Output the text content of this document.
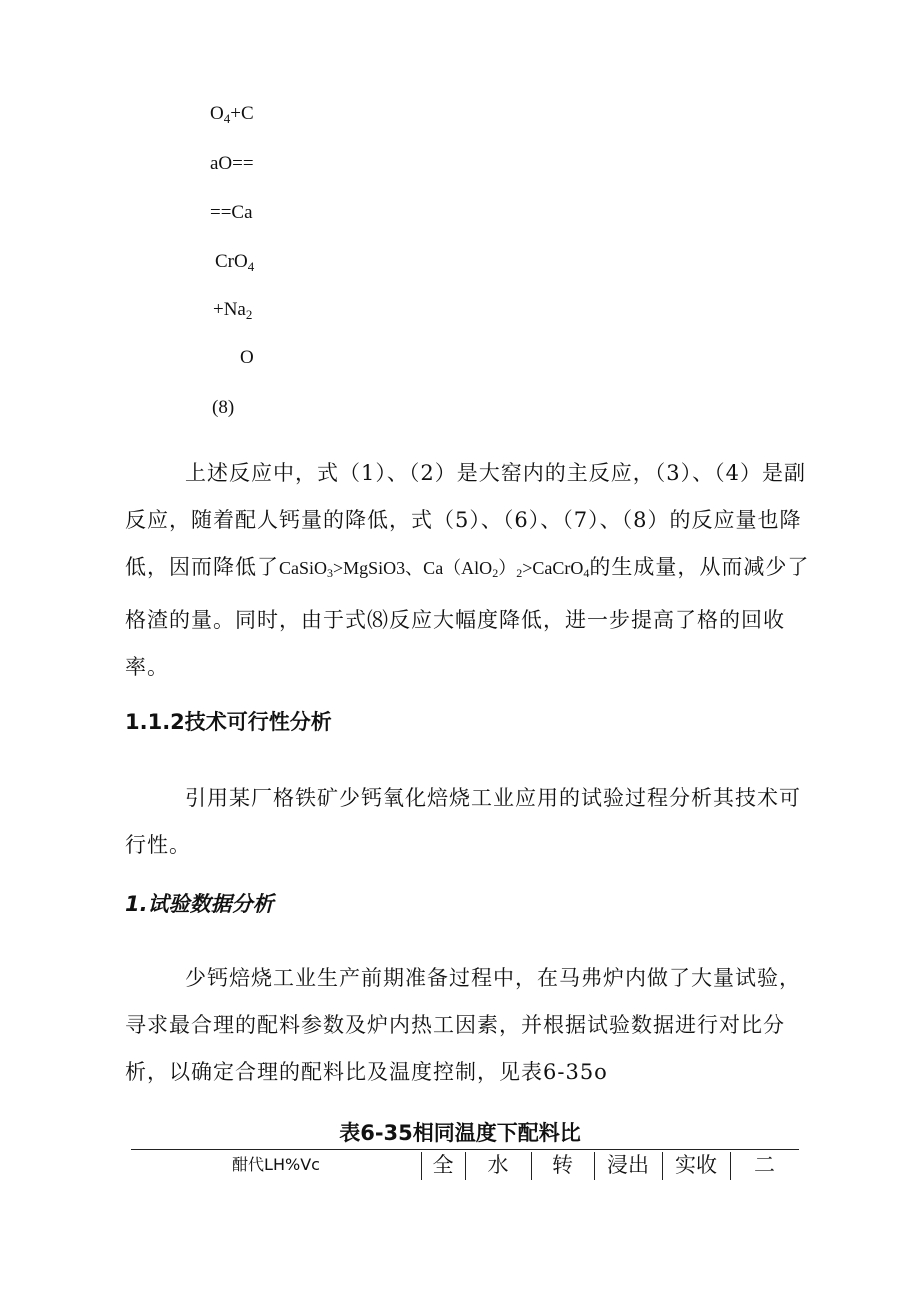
$O_4+C$
aO==
==Ca
CrO$_4$
$+Na_2$
O
(8)

上述反应中，式（1）、（2）是大窑内的主反应，（3）、（4）是副反应，随着配人钙量的降低，式（5）、（6）、（7）、（8）的反应量也降低，因而降低了CaSiO$_3$>MgSiO3、$Ca(AlO_2)_2>CaCrO_4$的生成量，从而减少了格渣的量。同时，由于式⑻反应大幅度降低，进一步提高了格的回收率。

1.1.2技术可行性分析

引用某厂格铁矿少钙氧化焙烧工业应用的试验过程分析其技术可行性。

1.试验数据分析

少钙焙烧工业生产前期准备过程中，在马弗炉内做了大量试验，寻求最合理的配料参数及炉内热工因素，并根据试验数据进行对比分析，以确定合理的配料比及温度控制，见表6-35o

表6-35相同温度下配料比
酣代LH%Vc	全	水	转	浸出	实收	二
